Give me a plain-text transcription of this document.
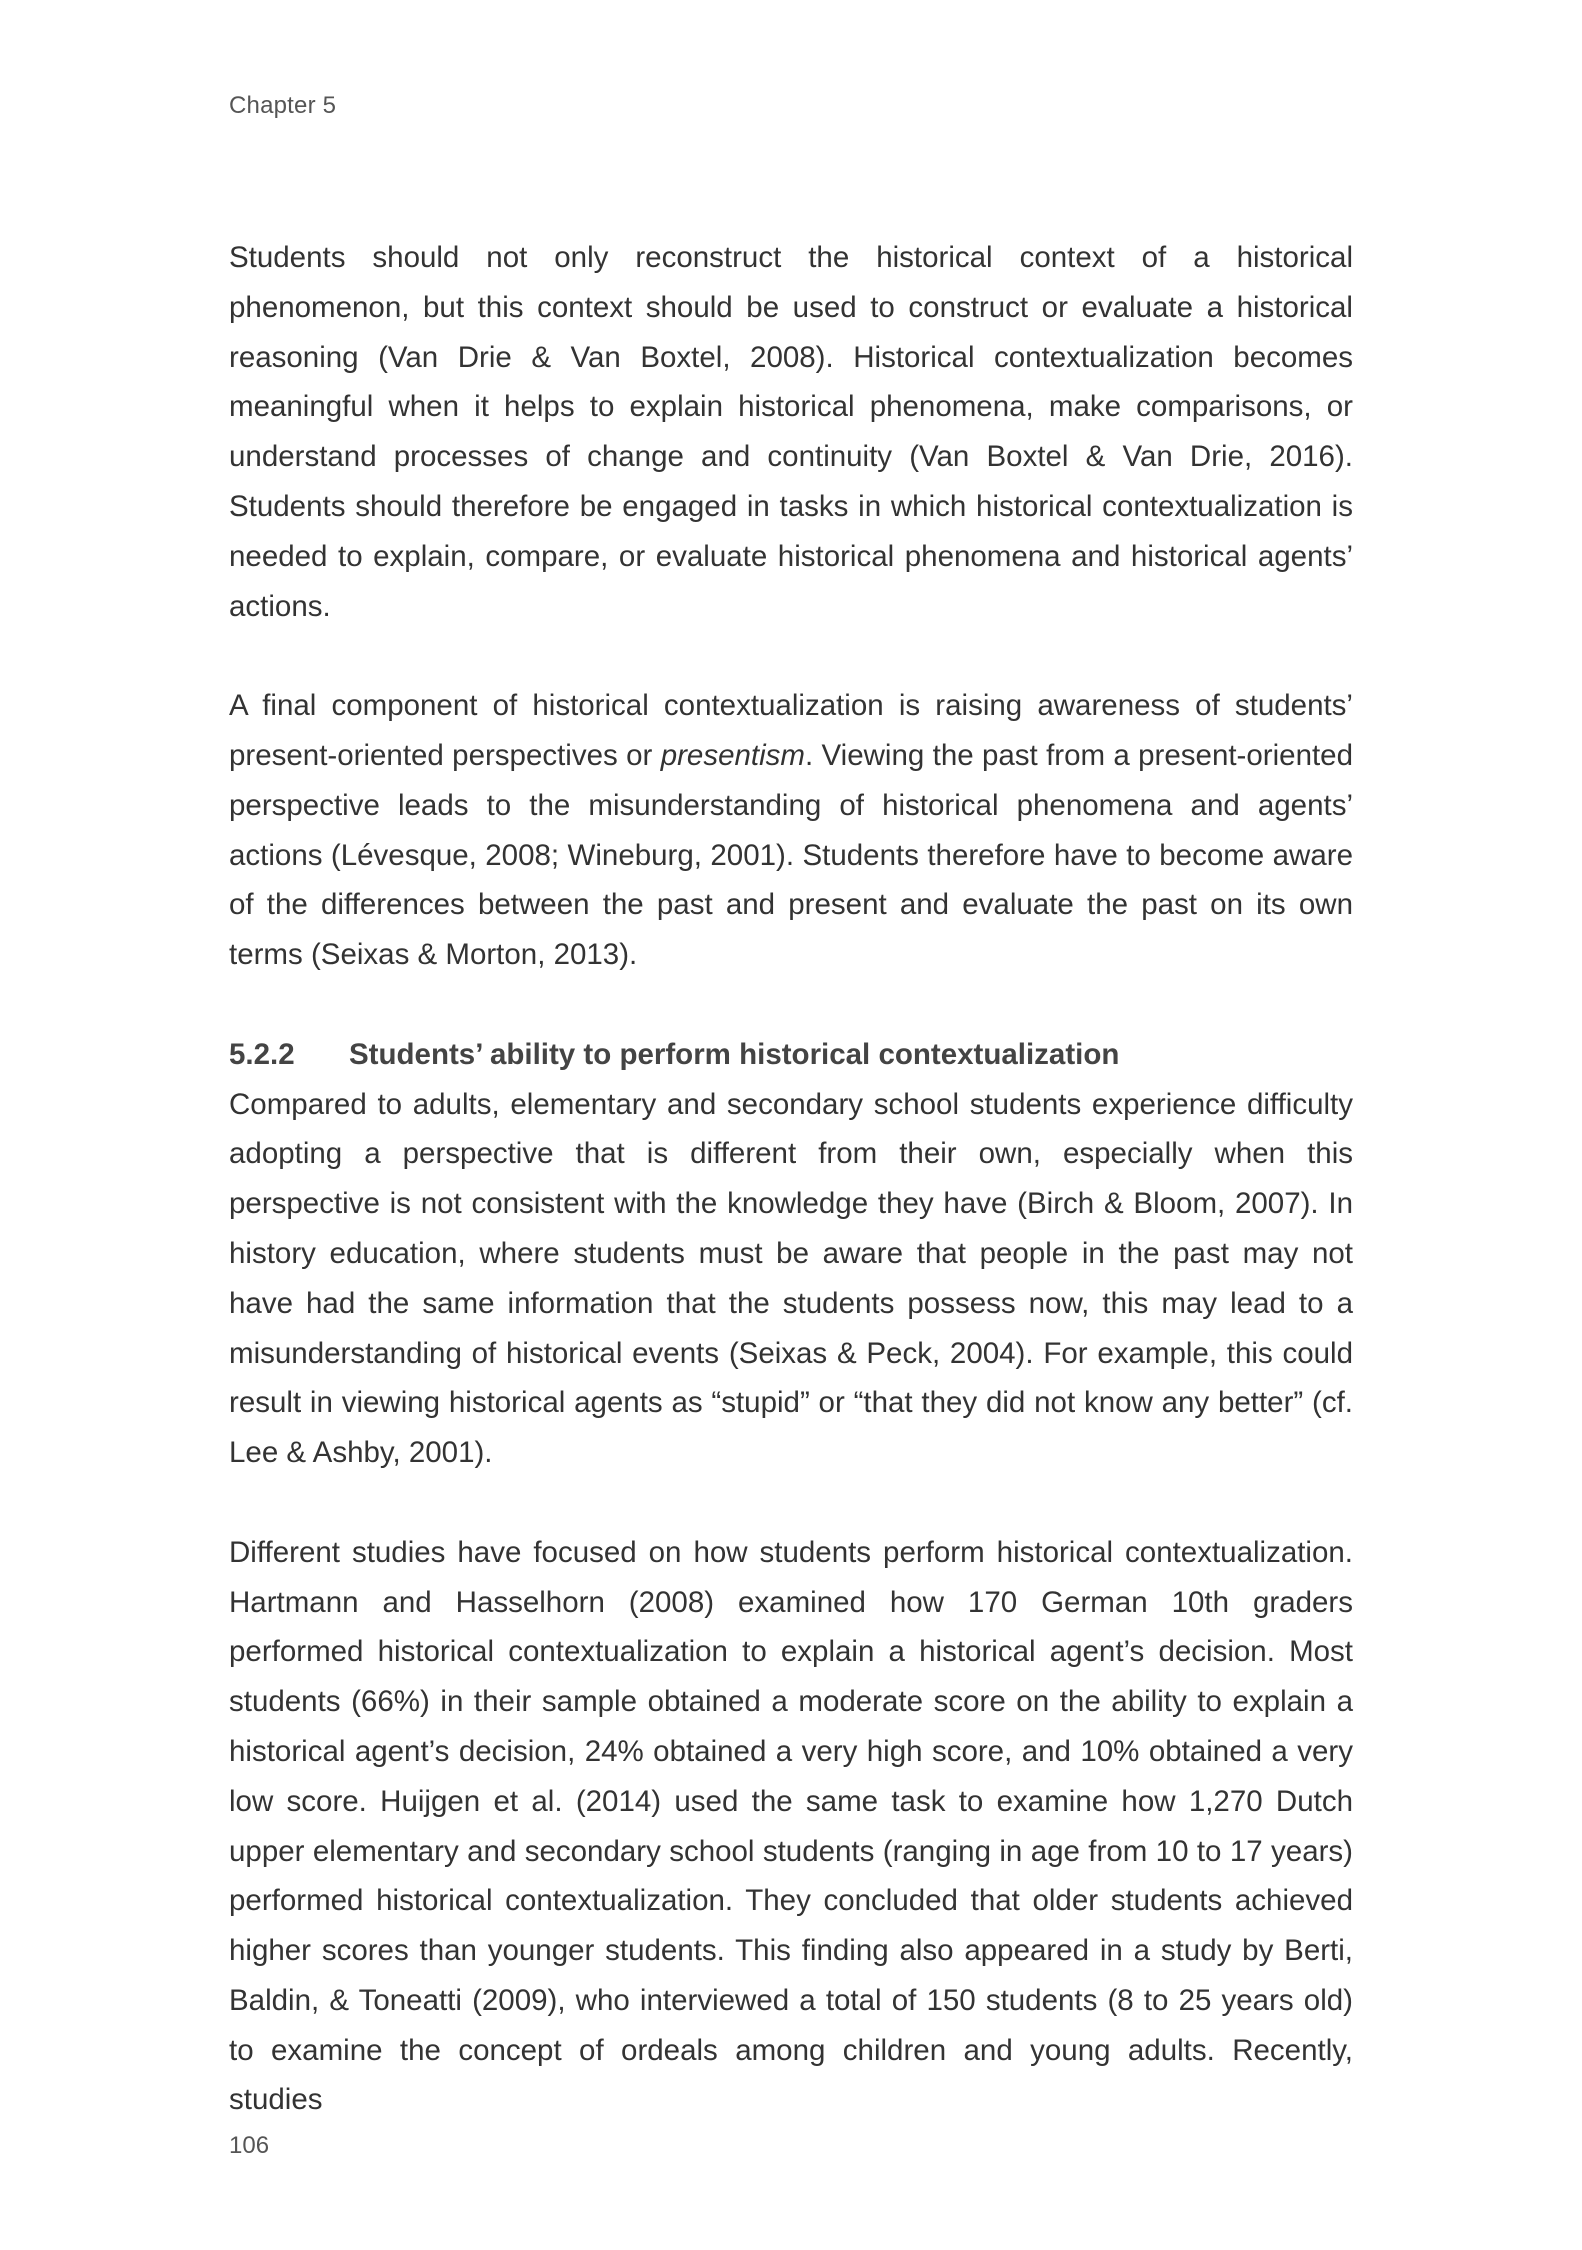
Chapter 5

Students should not only reconstruct the historical context of a historical phenomenon, but this context should be used to construct or evaluate a historical reasoning (Van Drie & Van Boxtel, 2008). Historical contextualization becomes meaningful when it helps to explain historical phenomena, make comparisons, or understand processes of change and continuity (Van Boxtel & Van Drie, 2016). Students should therefore be engaged in tasks in which historical contextualization is needed to explain, compare, or evaluate historical phenomena and historical agents’ actions.

A final component of historical contextualization is raising awareness of students’ present-oriented perspectives or presentism. Viewing the past from a present-oriented perspective leads to the misunderstanding of historical phenomena and agents’ actions (Lévesque, 2008; Wineburg, 2001). Students therefore have to become aware of the differences between the past and present and evaluate the past on its own terms (Seixas & Morton, 2013).

5.2.2 Students’ ability to perform historical contextualization

Compared to adults, elementary and secondary school students experience difficulty adopting a perspective that is different from their own, especially when this perspective is not consistent with the knowledge they have (Birch & Bloom, 2007). In history education, where students must be aware that people in the past may not have had the same information that the students possess now, this may lead to a misunderstanding of historical events (Seixas & Peck, 2004). For example, this could result in viewing historical agents as “stupid” or “that they did not know any better” (cf. Lee & Ashby, 2001).

Different studies have focused on how students perform historical contextualization. Hartmann and Hasselhorn (2008) examined how 170 German 10th graders performed historical contextualization to explain a historical agent’s decision. Most students (66%) in their sample obtained a moderate score on the ability to explain a historical agent’s decision, 24% obtained a very high score, and 10% obtained a very low score. Huijgen et al. (2014) used the same task to examine how 1,270 Dutch upper elementary and secondary school students (ranging in age from 10 to 17 years) performed historical contextualization. They concluded that older students achieved higher scores than younger students. This finding also appeared in a study by Berti, Baldin, & Toneatti (2009), who interviewed a total of 150 students (8 to 25 years old) to examine the concept of ordeals among children and young adults. Recently, studies

106
